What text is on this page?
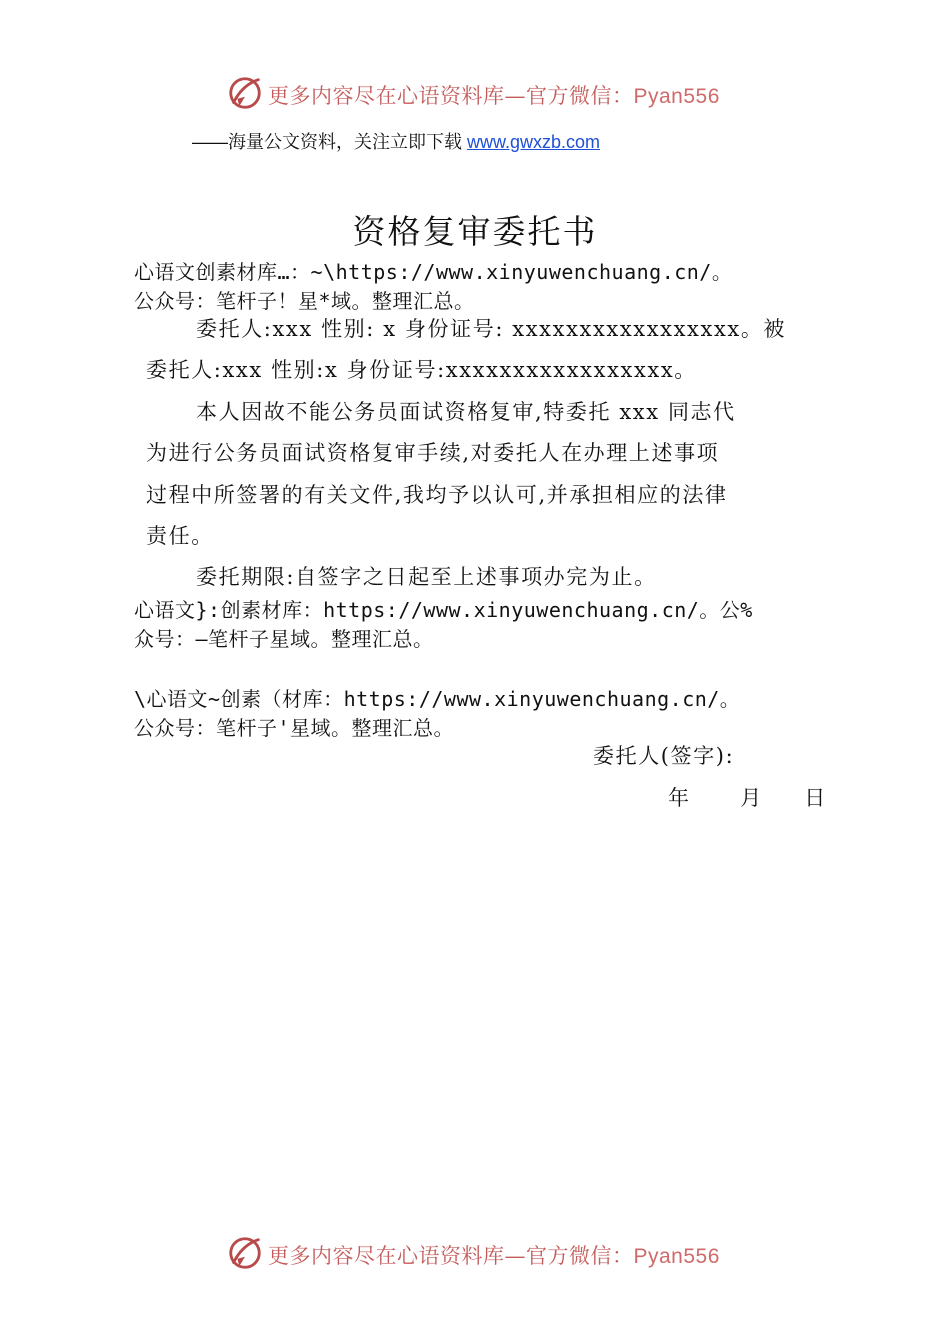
更多内容尽在心语资料库—官方微信：Pyan556
——海量公文资料，关注立即下载 www.gwxzb.com
资格复审委托书
心语文创素材库…：~\https://www.xinyuwenchuang.cn/。
公众号：笔杆子！星*域。整理汇总。
委托人:xxx 性别: x 身份证号: xxxxxxxxxxxxxxxxx。被
委托人:xxx 性别:x 身份证号:xxxxxxxxxxxxxxxxx。
本人因故不能公务员面试资格复审,特委托 xxx 同志代
为进行公务员面试资格复审手续,对委托人在办理上述事项
过程中所签署的有关文件,我均予以认可,并承担相应的法律
责任。
委托期限:自签字之日起至上述事项办完为止。
心语文}:创素材库：https://www.xinyuwenchuang.cn/。公%
众号：—笔杆子星域。整理汇总。
\心语文~创素（材库：https://www.xinyuwenchuang.cn/。
公众号：笔杆子'星域。整理汇总。
委托人(签字):
年      月     日
更多内容尽在心语资料库—官方微信：Pyan556
